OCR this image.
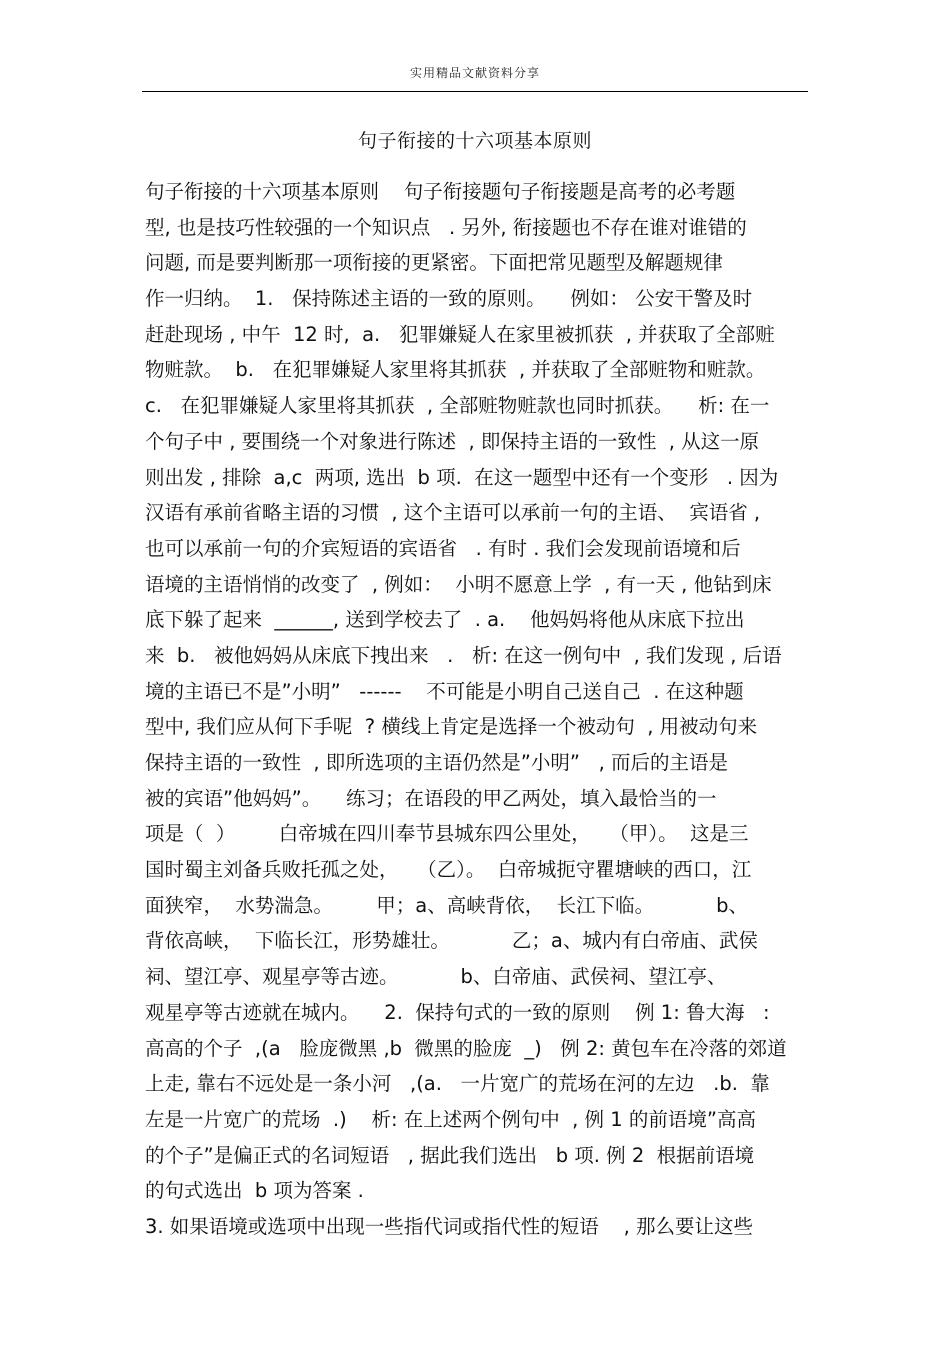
实用精品文献资料分享
句子衔接的十六项基本原则
句子衔接的十六项基本原则    句子衔接题句子衔接题是高考的必考题
型, 也是技巧性较强的一个知识点   . 另外, 衔接题也不存在谁对谁错的
问题, 而是要判断那一项衔接的更紧密。下面把常见题型及解题规律
作一归纳。  1.   保持陈述主语的一致的原则。    例如： 公安干警及时
赶赴现场 , 中午  12 时,  a.   犯罪嫌疑人在家里被抓获  , 并获取了全部赃
物赃款。  b.   在犯罪嫌疑人家里将其抓获  , 并获取了全部赃物和赃款。
c.   在犯罪嫌疑人家里将其抓获  , 全部赃物赃款也同时抓获。    析: 在一
个句子中 , 要围绕一个对象进行陈述  , 即保持主语的一致性  , 从这一原
则出发 , 排除  a,c  两项, 选出  b 项.  在这一题型中还有一个变形   . 因为
汉语有承前省略主语的习惯  , 这个主语可以承前一句的主语、  宾语省 ,
也可以承前一句的介宾短语的宾语省   . 有时 . 我们会发现前语境和后
语境的主语悄悄的改变了  , 例如：  小明不愿意上学  , 有一天 , 他钻到床
底下躲了起来  ______, 送到学校去了  . a.    他妈妈将他从床底下拉出
来  b.   被他妈妈从床底下拽出来   .   析: 在这一例句中  , 我们发现 , 后语
境的主语已不是”小明”   ------    不可能是小明自己送自己  . 在这种题
型中, 我们应从何下手呢  ? 横线上肯定是选择一个被动句  , 用被动句来
保持主语的一致性  , 即所选项的主语仍然是”小明”   , 而后的主语是
被的宾语”他妈妈”。    练习；在语段的甲乙两处，填入最恰当的一
项是（  ）       白帝城在四川奉节县城东四公里处，   （甲）。  这是三
国时蜀主刘备兵败托孤之处，   （乙）。  白帝城扼守瞿塘峡的西口，江
面狭窄，  水势湍急。       甲；a、高峡背依，  长江下临。          b、
背依高峡，  下临长江，形势雄壮。          乙；a、城内有白帝庙、武侯
祠、望江亭、观星亭等古迹。          b、白帝庙、武侯祠、望江亭、
观星亭等古迹就在城内。    2.  保持句式的一致的原则    例 1: 鲁大海   :
高高的个子  ,(a   脸庞微黑 ,b  微黑的脸庞  _)   例 2: 黄包车在冷落的郊道
上走, 靠右不远处是一条小河   ,(a.   一片宽广的荒场在河的左边   .b.  靠
左是一片宽广的荒场  .)    析: 在上述两个例句中  , 例 1 的前语境”高高
的个子”是偏正式的名词短语   , 据此我们选出   b 项. 例 2  根据前语境
的句式选出  b 项为答案 .
3. 如果语境或选项中出现一些指代词或指代性的短语    , 那么要让这些
